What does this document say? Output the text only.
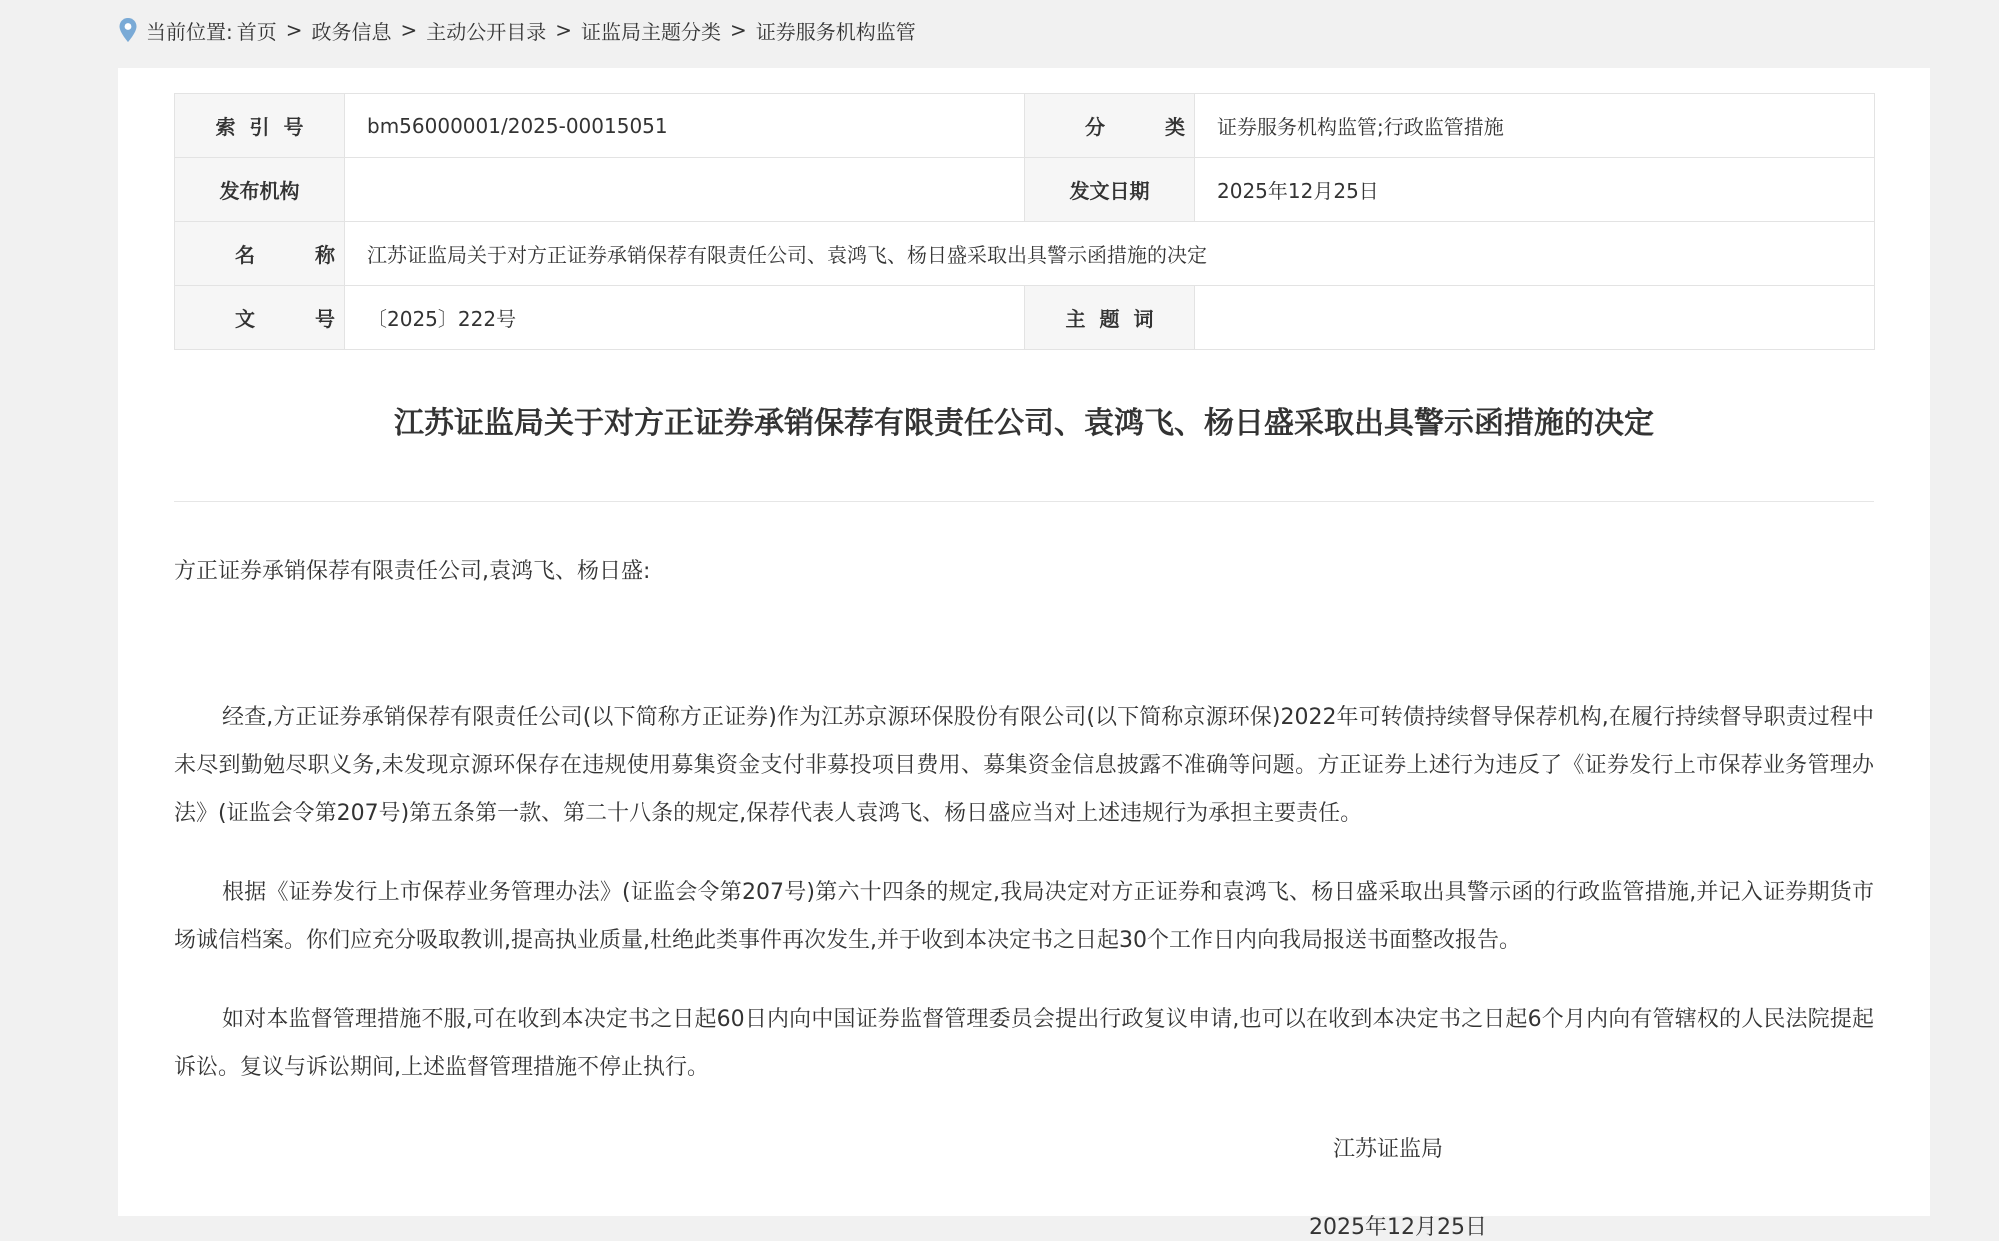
当前位置: 首页 > 政务信息 > 主动公开目录 > 证监局主题分类 > 证券服务机构监管
索引号	bm56000001/2025-00015051	分类	证券服务机构监管;行政监管措施
发布机构		发文日期	2025年12月25日
名称	江苏证监局关于对方正证券承销保荐有限责任公司、袁鸿飞、杨日盛采取出具警示函措施的决定		
文号	〔2025〕222号	主题词	
江苏证监局关于对方正证券承销保荐有限责任公司、袁鸿飞、杨日盛采取出具警示函措施的决定

方正证券承销保荐有限责任公司,袁鸿飞、杨日盛:

经查,方正证券承销保荐有限责任公司(以下简称方正证券)作为江苏京源环保股份有限公司(以下简称京源环保)2022年可转债持续督导保荐机构,在履行持续督导职责过程中未尽到勤勉尽职义务,未发现京源环保存在违规使用募集资金支付非募投项目费用、募集资金信息披露不准确等问题。方正证券上述行为违反了《证券发行上市保荐业务管理办法》(证监会令第207号)第五条第一款、第二十八条的规定,保荐代表人袁鸿飞、杨日盛应当对上述违规行为承担主要责任。

根据《证券发行上市保荐业务管理办法》(证监会令第207号)第六十四条的规定,我局决定对方正证券和袁鸿飞、杨日盛采取出具警示函的行政监管措施,并记入证券期货市场诚信档案。你们应充分吸取教训,提高执业质量,杜绝此类事件再次发生,并于收到本决定书之日起30个工作日内向我局报送书面整改报告。

如对本监督管理措施不服,可在收到本决定书之日起60日内向中国证券监督管理委员会提出行政复议申请,也可以在收到本决定书之日起6个月内向有管辖权的人民法院提起诉讼。复议与诉讼期间,上述监督管理措施不停止执行。

江苏证监局
2025年12月25日
